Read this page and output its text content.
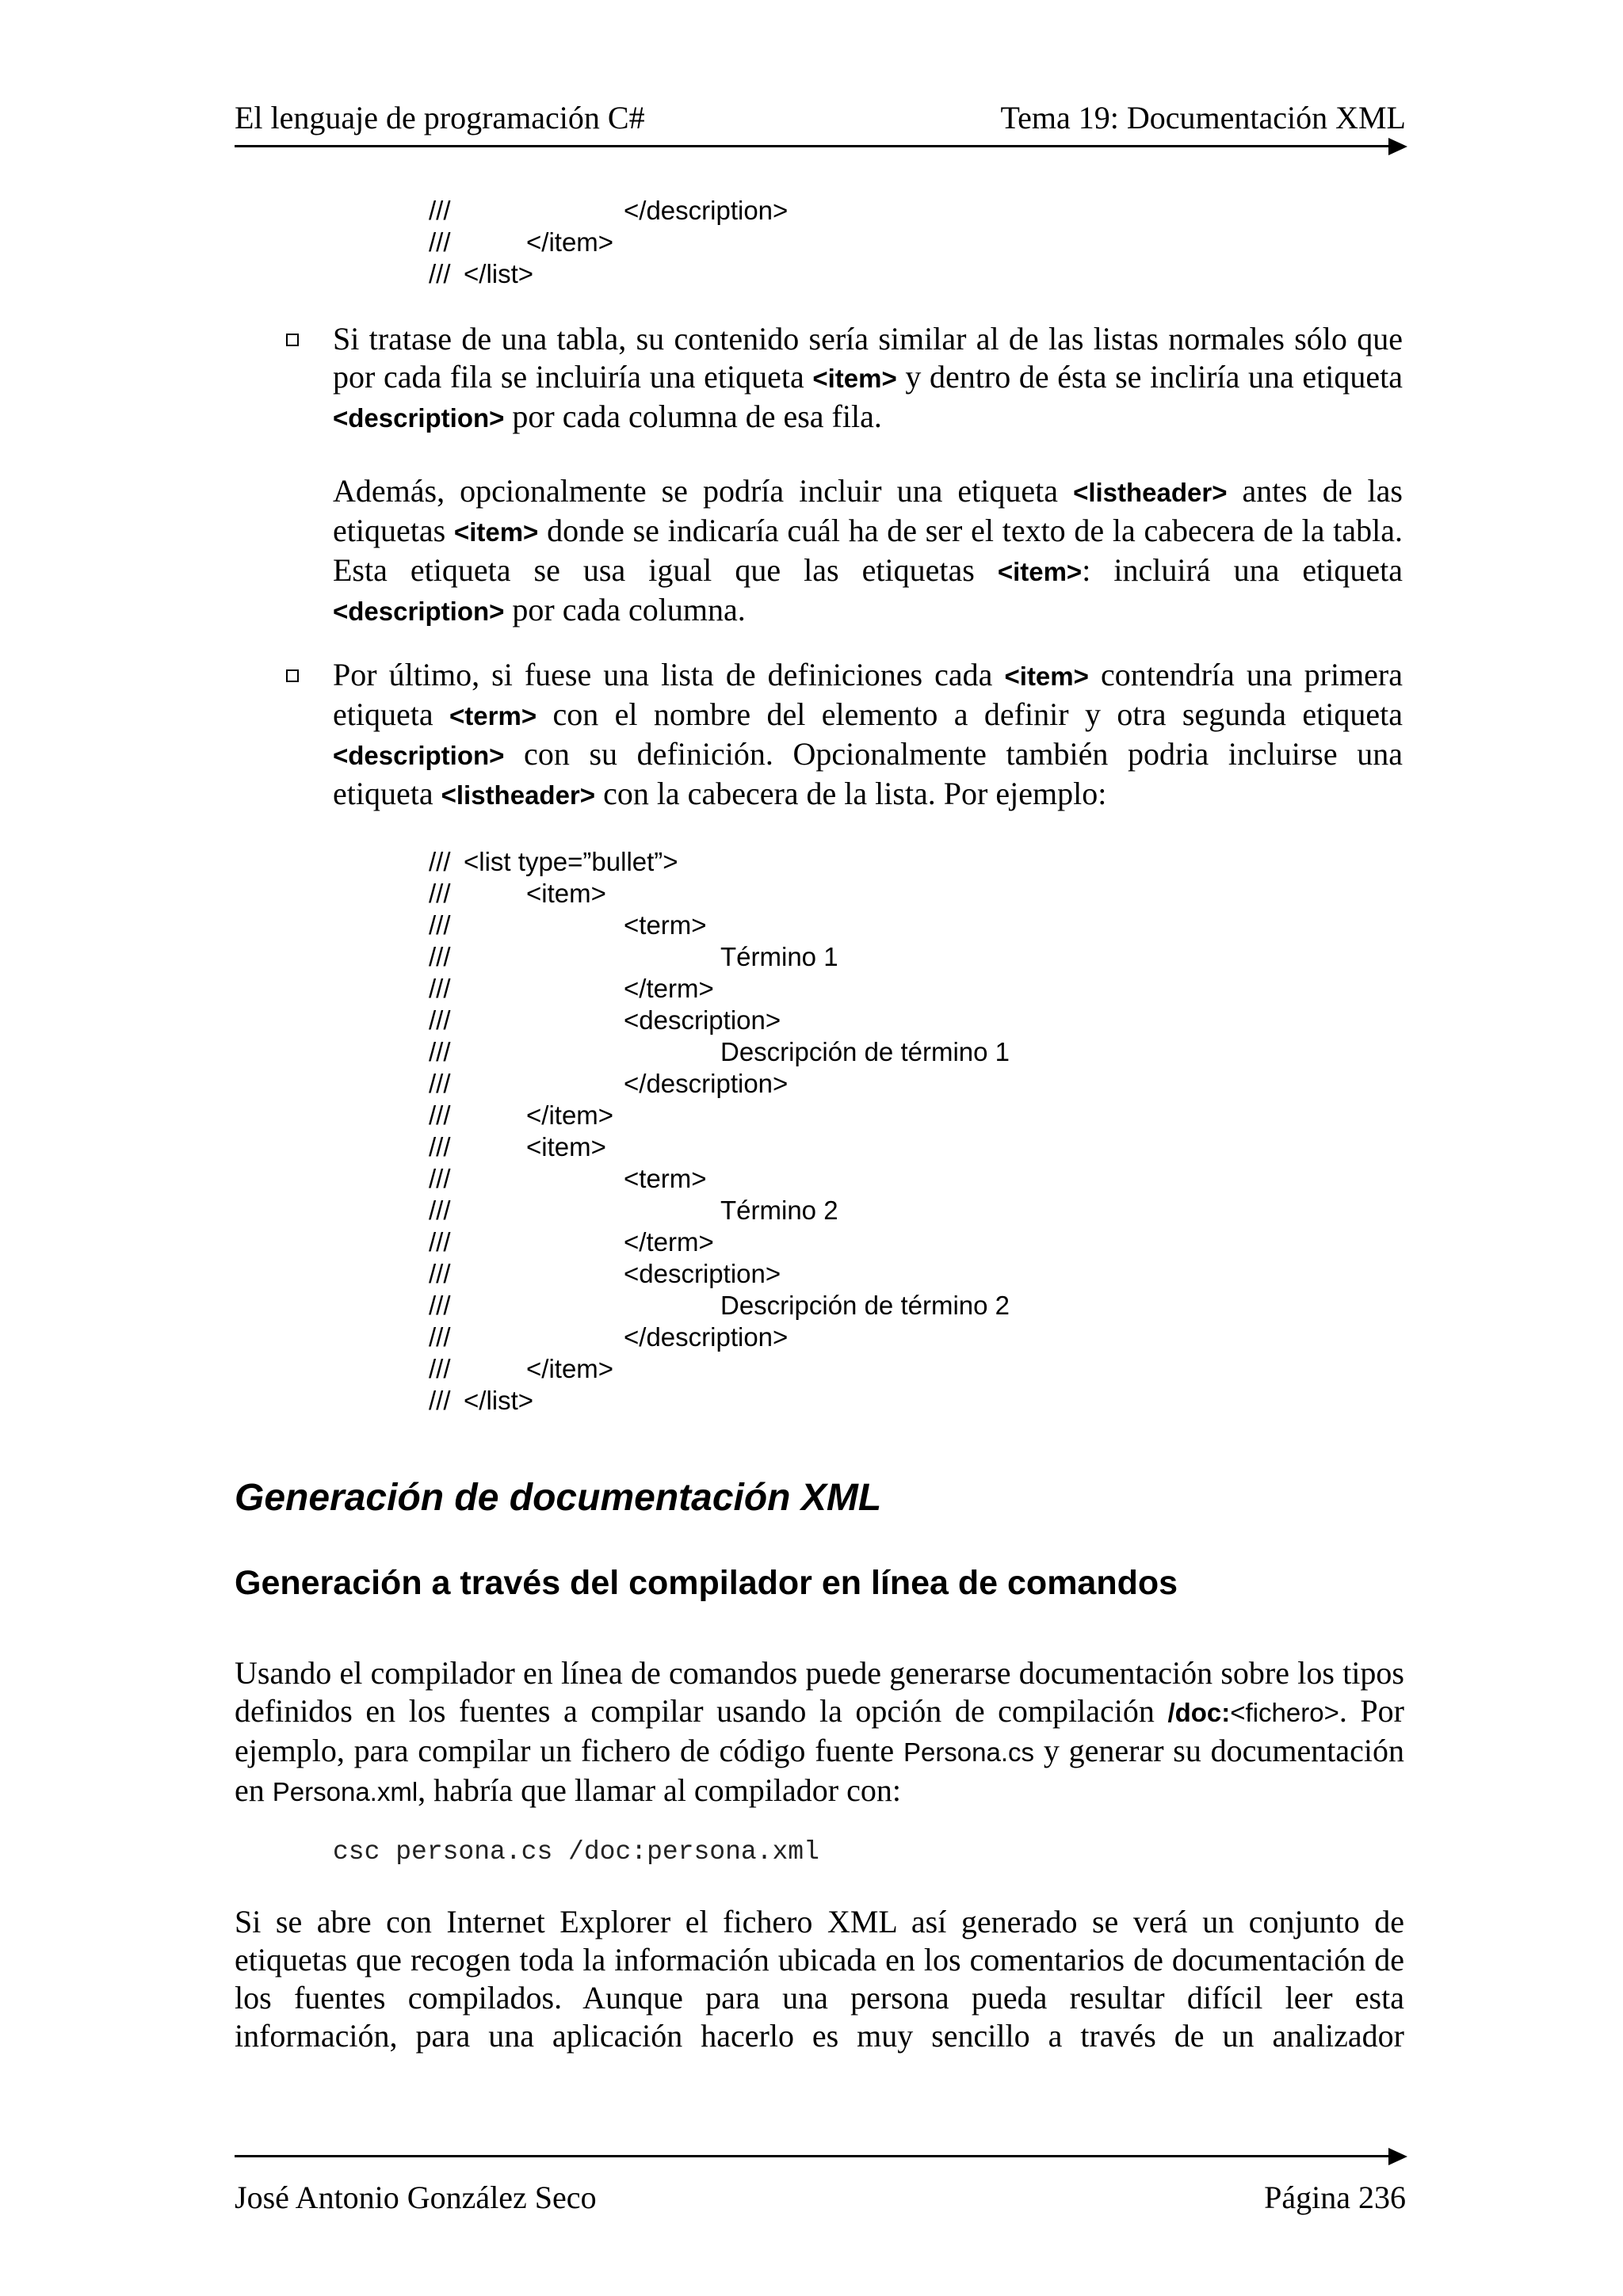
El lenguaje de programación C#	Tema 19: Documentación XML
///	</description>
///	</item>
/// </list>

Si tratase de una tabla, su contenido sería similar al de las listas normales sólo que por cada fila se incluiría una etiqueta <item> y dentro de ésta se incliría una etiqueta <description> por cada columna de esa fila.

Además, opcionalmente se podría incluir una etiqueta <listheader> antes de las etiquetas <item> donde se indicaría cuál ha de ser el texto de la cabecera de la tabla. Esta etiqueta se usa igual que las etiquetas <item>: incluirá una etiqueta <description> por cada columna.

Por último, si fuese una lista de definiciones cada <item> contendría una primera etiqueta <term> con el nombre del elemento a definir y otra segunda etiqueta <description> con su definición. Opcionalmente también podria incluirse una etiqueta <listheader> con la cabecera de la lista. Por ejemplo:

/// <list type=”bullet”>
///	<item>
///	<term>
///	Término 1
///	</term>
///	<description>
///	Descripción de término 1
///	</description>
///	</item>
///	<item>
///	<term>
///	Término 2
///	</term>
///	<description>
///	Descripción de término 2
///	</description>
///	</item>
/// </list>
Generación de documentación XML
Generación a través del compilador en línea de comandos

Usando el compilador en línea de comandos puede generarse documentación sobre los tipos definidos en los fuentes a compilar usando la opción de compilación /doc:<fichero>. Por ejemplo, para compilar un fichero de código fuente Persona.cs y generar su documentación en Persona.xml, habría que llamar al compilador con:

csc persona.cs /doc:persona.xml

Si se abre con Internet Explorer el fichero XML así generado se verá un conjunto de etiquetas que recogen toda la información ubicada en los comentarios de documentación de los fuentes compilados. Aunque para una persona pueda resultar difícil leer esta información, para una aplicación hacerlo es muy sencillo a través de un analizador

José Antonio González Seco	Página 236
